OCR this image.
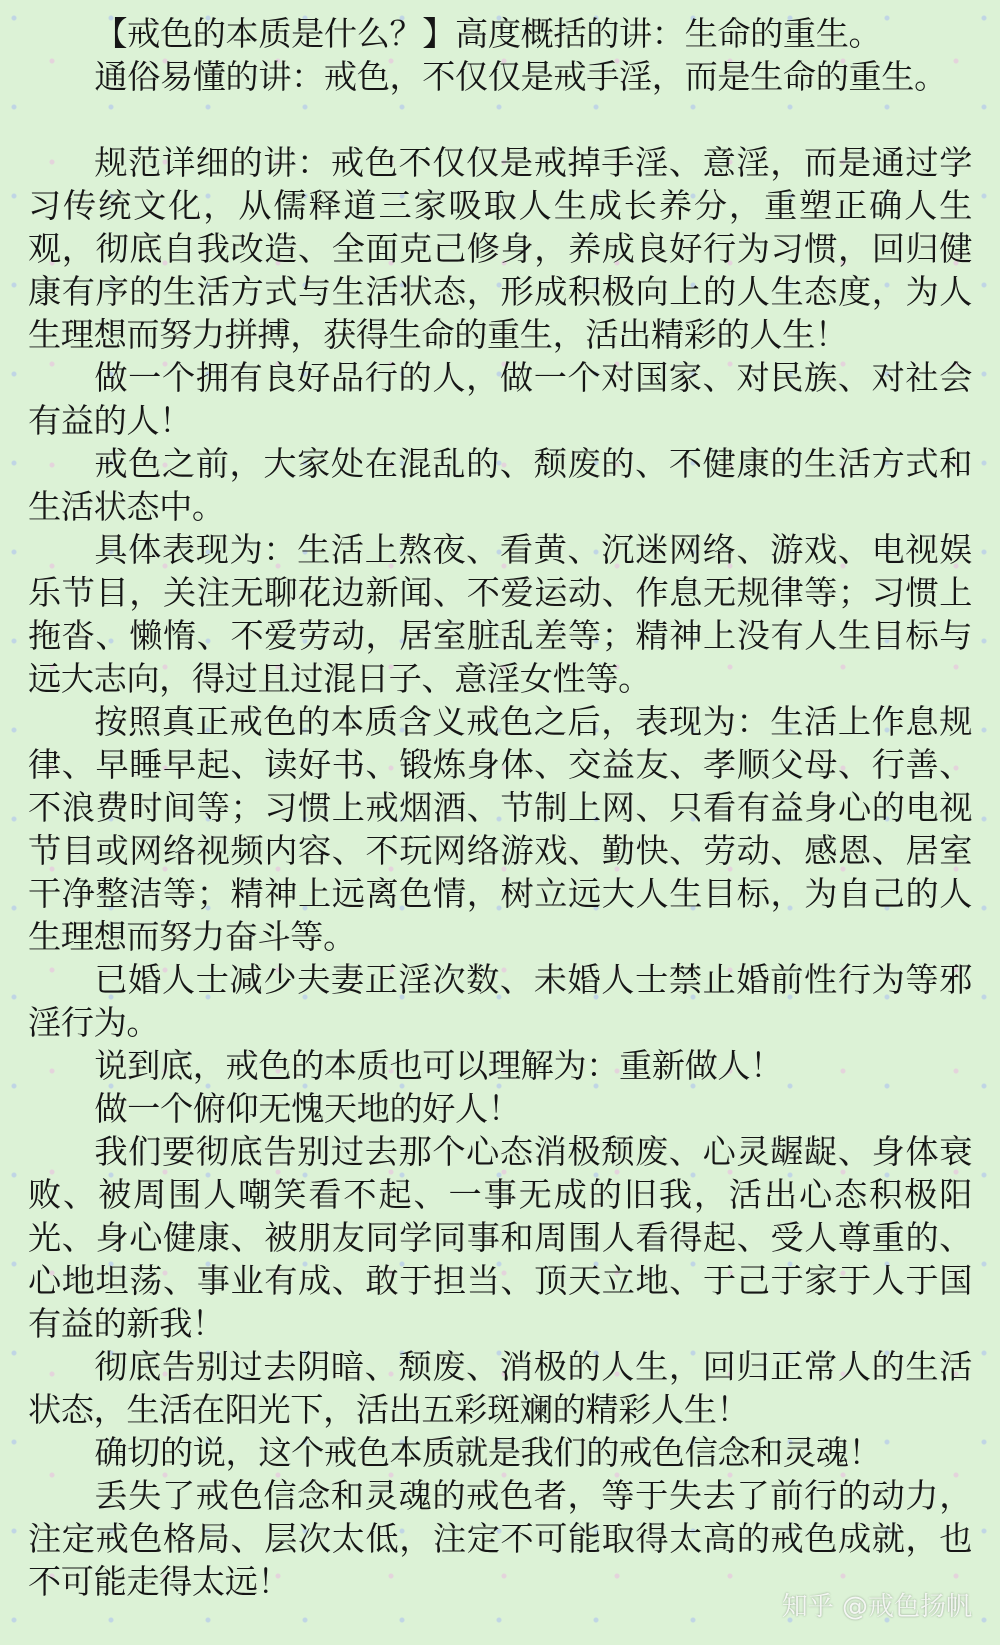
【戒色的本质是什么？】高度概括的讲：生命的重生。

通俗易懂的讲：戒色，不仅仅是戒手淫，而是生命的重生。

规范详细的讲：戒色不仅仅是戒掉手淫、意淫，而是通过学习传统文化，从儒释道三家吸取人生成长养分，重塑正确人生观，彻底自我改造、全面克己修身，养成良好行为习惯，回归健康有序的生活方式与生活状态，形成积极向上的人生态度，为人生理想而努力拼搏，获得生命的重生，活出精彩的人生！

做一个拥有良好品行的人，做一个对国家、对民族、对社会有益的人！

戒色之前，大家处在混乱的、颓废的、不健康的生活方式和生活状态中。

具体表现为：生活上熬夜、看黄、沉迷网络、游戏、电视娱乐节目，关注无聊花边新闻、不爱运动、作息无规律等；习惯上拖沓、懒惰、不爱劳动，居室脏乱差等；精神上没有人生目标与远大志向，得过且过混日子、意淫女性等。

按照真正戒色的本质含义戒色之后，表现为：生活上作息规律、早睡早起、读好书、锻炼身体、交益友、孝顺父母、行善、不浪费时间等；习惯上戒烟酒、节制上网、只看有益身心的电视节目或网络视频内容、不玩网络游戏、勤快、劳动、感恩、居室干净整洁等；精神上远离色情，树立远大人生目标，为自己的人生理想而努力奋斗等。

已婚人士减少夫妻正淫次数、未婚人士禁止婚前性行为等邪淫行为。

说到底，戒色的本质也可以理解为：重新做人！

做一个俯仰无愧天地的好人！

我们要彻底告别过去那个心态消极颓废、心灵龌龊、身体衰败、被周围人嘲笑看不起、一事无成的旧我，活出心态积极阳光、身心健康、被朋友同学同事和周围人看得起、受人尊重的、心地坦荡、事业有成、敢于担当、顶天立地、于己于家于人于国有益的新我！

彻底告别过去阴暗、颓废、消极的人生，回归正常人的生活状态，生活在阳光下，活出五彩斑斓的精彩人生！

确切的说，这个戒色本质就是我们的戒色信念和灵魂！

丢失了戒色信念和灵魂的戒色者，等于失去了前行的动力，注定戒色格局、层次太低，注定不可能取得太高的戒色成就，也不可能走得太远！

知乎 @戒色扬帆
